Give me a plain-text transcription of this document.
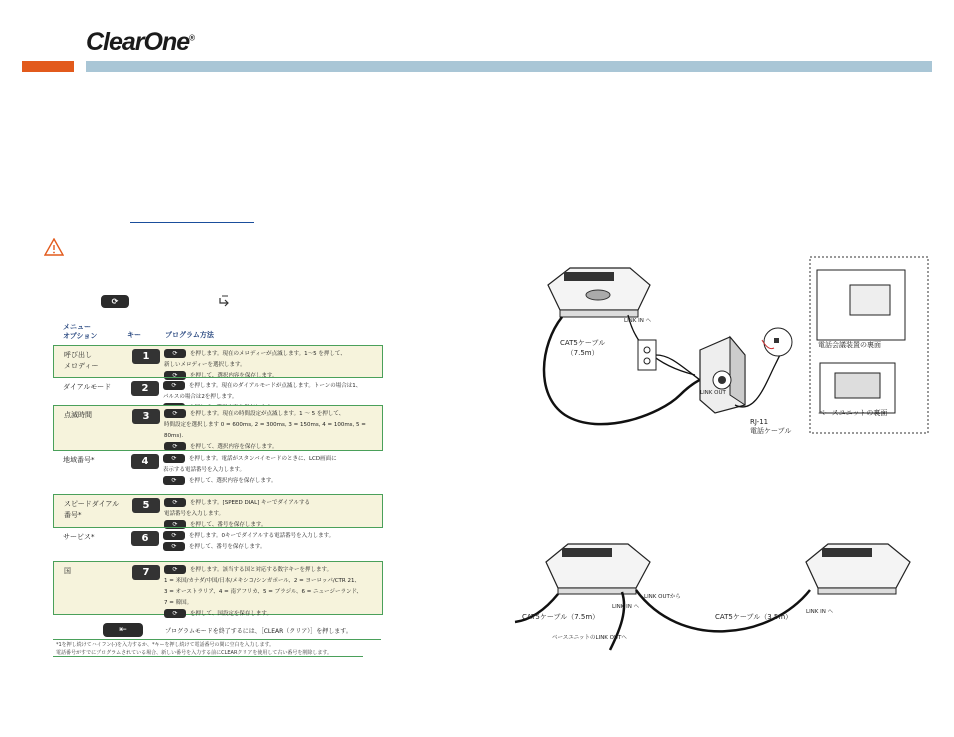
ClearOne®
⟳
メニュー
オプション	キー	プログラム方法
呼び出し
メロディー
1	⟳ を押します。現在のメロディーが点滅します。1～5 を押して、
新しいメロディーを選択します。
⟳ を押して、選択内容を保存します。
ダイアルモード	2	⟳ を押します。現在のダイアルモードが点滅します。トーンの場合は1、
パルスの場合は2を押します。
点滅時間	3	⟳ を押します。現在の時間設定が点滅します。1 ～ 5 を押して、
時間設定を選択します 0 = 600ms, 2 = 300ms, 3 = 150ms, 4 = 100ms, 5 = 80ms).
⟳ を押して、選択内容を保存します。
地域番号*	4	⟳ を押します。電話がスタンバイモードのときに、LCD画面に
表示する電話番号を入力します。
⟳ を押して、選択内容を保存します。
スピードダイアル
番号*
5	⟳ を押します。[SPEED DIAL] キーでダイアルする
電話番号を入力します。
⟳ を押して、番号を保存します。
サービス*	6	⟳ を押します。0キーでダイアルする電話番号を入力します。
⟳ を押して、番号を保存します。
国	7	⟳ を押します。該当する国と対応する数字キーを押します。
1 = 米国/カナダ/中国/日本/メキシコ/シンガポール、2 = ヨーロッパ/CTR 21、
3 = オーストラリア、4 = 南アフリカ、5 = ブラジル、6 = ニュージーランド、
7 = 韓国。
⟳ を押して、国設定を保存します。
⇤	プログラムモードを終了するには、［CLEAR（クリア）］を押します。
*1を押し続けてハイフン(-)を入力するか、*キーを押し続けて電話番号の間に空白を入力します。
電話番号がすでにプログラムされている場合、新しい番号を入力する前にCLEARクリアを使用して古い番号を削除します。
LINK IN へ
LINK OUT
CAT5ケーブル
（7.5m）
RJ-11
電話ケーブル
電話会議装置の裏面
ベースユニットの裏面
LINK IN へ
LINK OUTから
LINK IN へ
CAT5ケーブル（7.5m）	CAT5ケーブル（3.5m）
ベースユニットのLINK OUTへ
